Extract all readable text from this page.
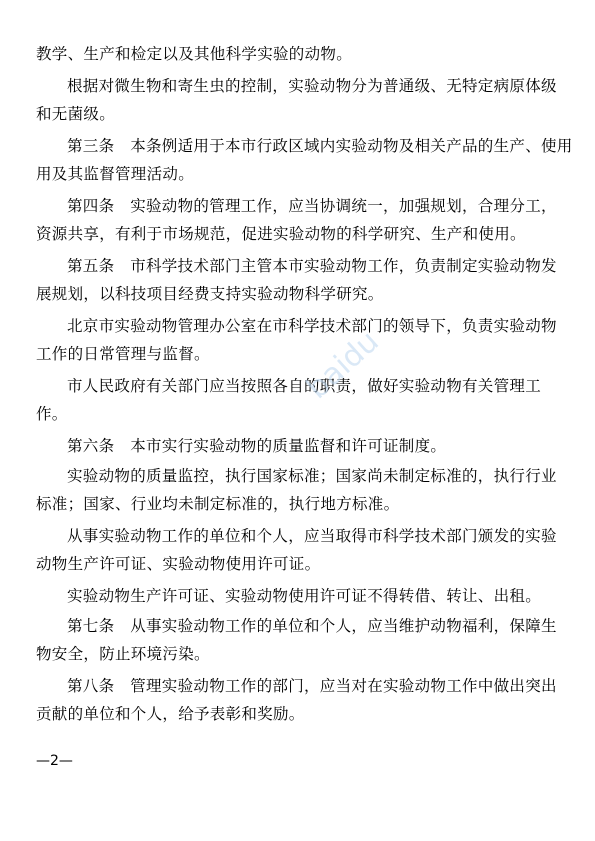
教学、生产和检定以及其他科学实验的动物。
根据对微生物和寄生虫的控制，实验动物分为普通级、无特定病原体级
和无菌级。
第三条　本条例适用于本市行政区域内实验动物及相关产品的生产、使用
用及其监督管理活动。
第四条　实验动物的管理工作，应当协调统一，加强规划，合理分工，
资源共享，有利于市场规范，促进实验动物的科学研究、生产和使用。
第五条　市科学技术部门主管本市实验动物工作，负责制定实验动物发
展规划，以科技项目经费支持实验动物科学研究。
北京市实验动物管理办公室在市科学技术部门的领导下，负责实验动物
工作的日常管理与监督。
市人民政府有关部门应当按照各自的职责，做好实验动物有关管理工
作。
第六条　本市实行实验动物的质量监督和许可证制度。
实验动物的质量监控，执行国家标准；国家尚未制定标准的，执行行业
标准；国家、行业均未制定标准的，执行地方标准。
从事实验动物工作的单位和个人，应当取得市科学技术部门颁发的实验
动物生产许可证、实验动物使用许可证。
实验动物生产许可证、实验动物使用许可证不得转借、转让、出租。
第七条　从事实验动物工作的单位和个人，应当维护动物福利，保障生
物安全，防止环境污染。
第八条　管理实验动物工作的部门，应当对在实验动物工作中做出突出
贡献的单位和个人，给予表彰和奖励。
baidu
—2—
